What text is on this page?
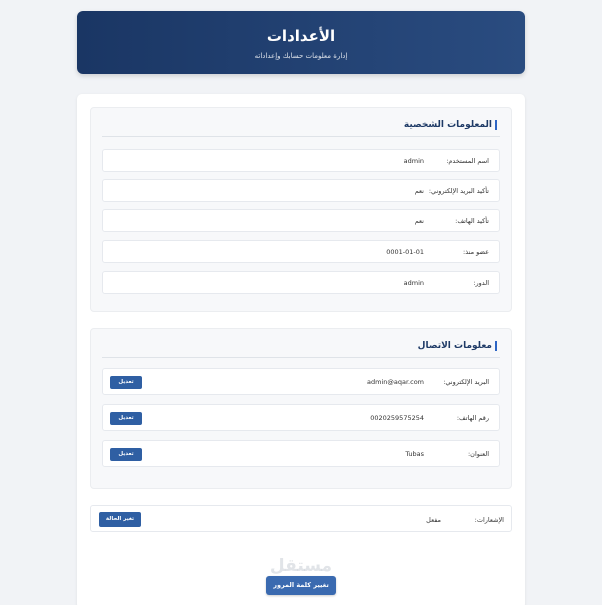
الأعدادات
إدارة معلومات حسابك وإعداداته
المعلومات الشخصية
اسم المستخدم:
admin
تأكيد البريد الإلكتروني:
نعم
تأكيد الهاتف:
نعم
عضو منذ:
0001-01-01
الدور:
admin
معلومات الاتصال
البريد الإلكتروني:
admin@aqar.com
تعديل
رقم الهاتف:
0020259575254
تعديل
العنوان:
Tubas
تعديل
الإشعارات:
مفعل
تغير الحالة
مستقل
تغيير كلمة المرور
